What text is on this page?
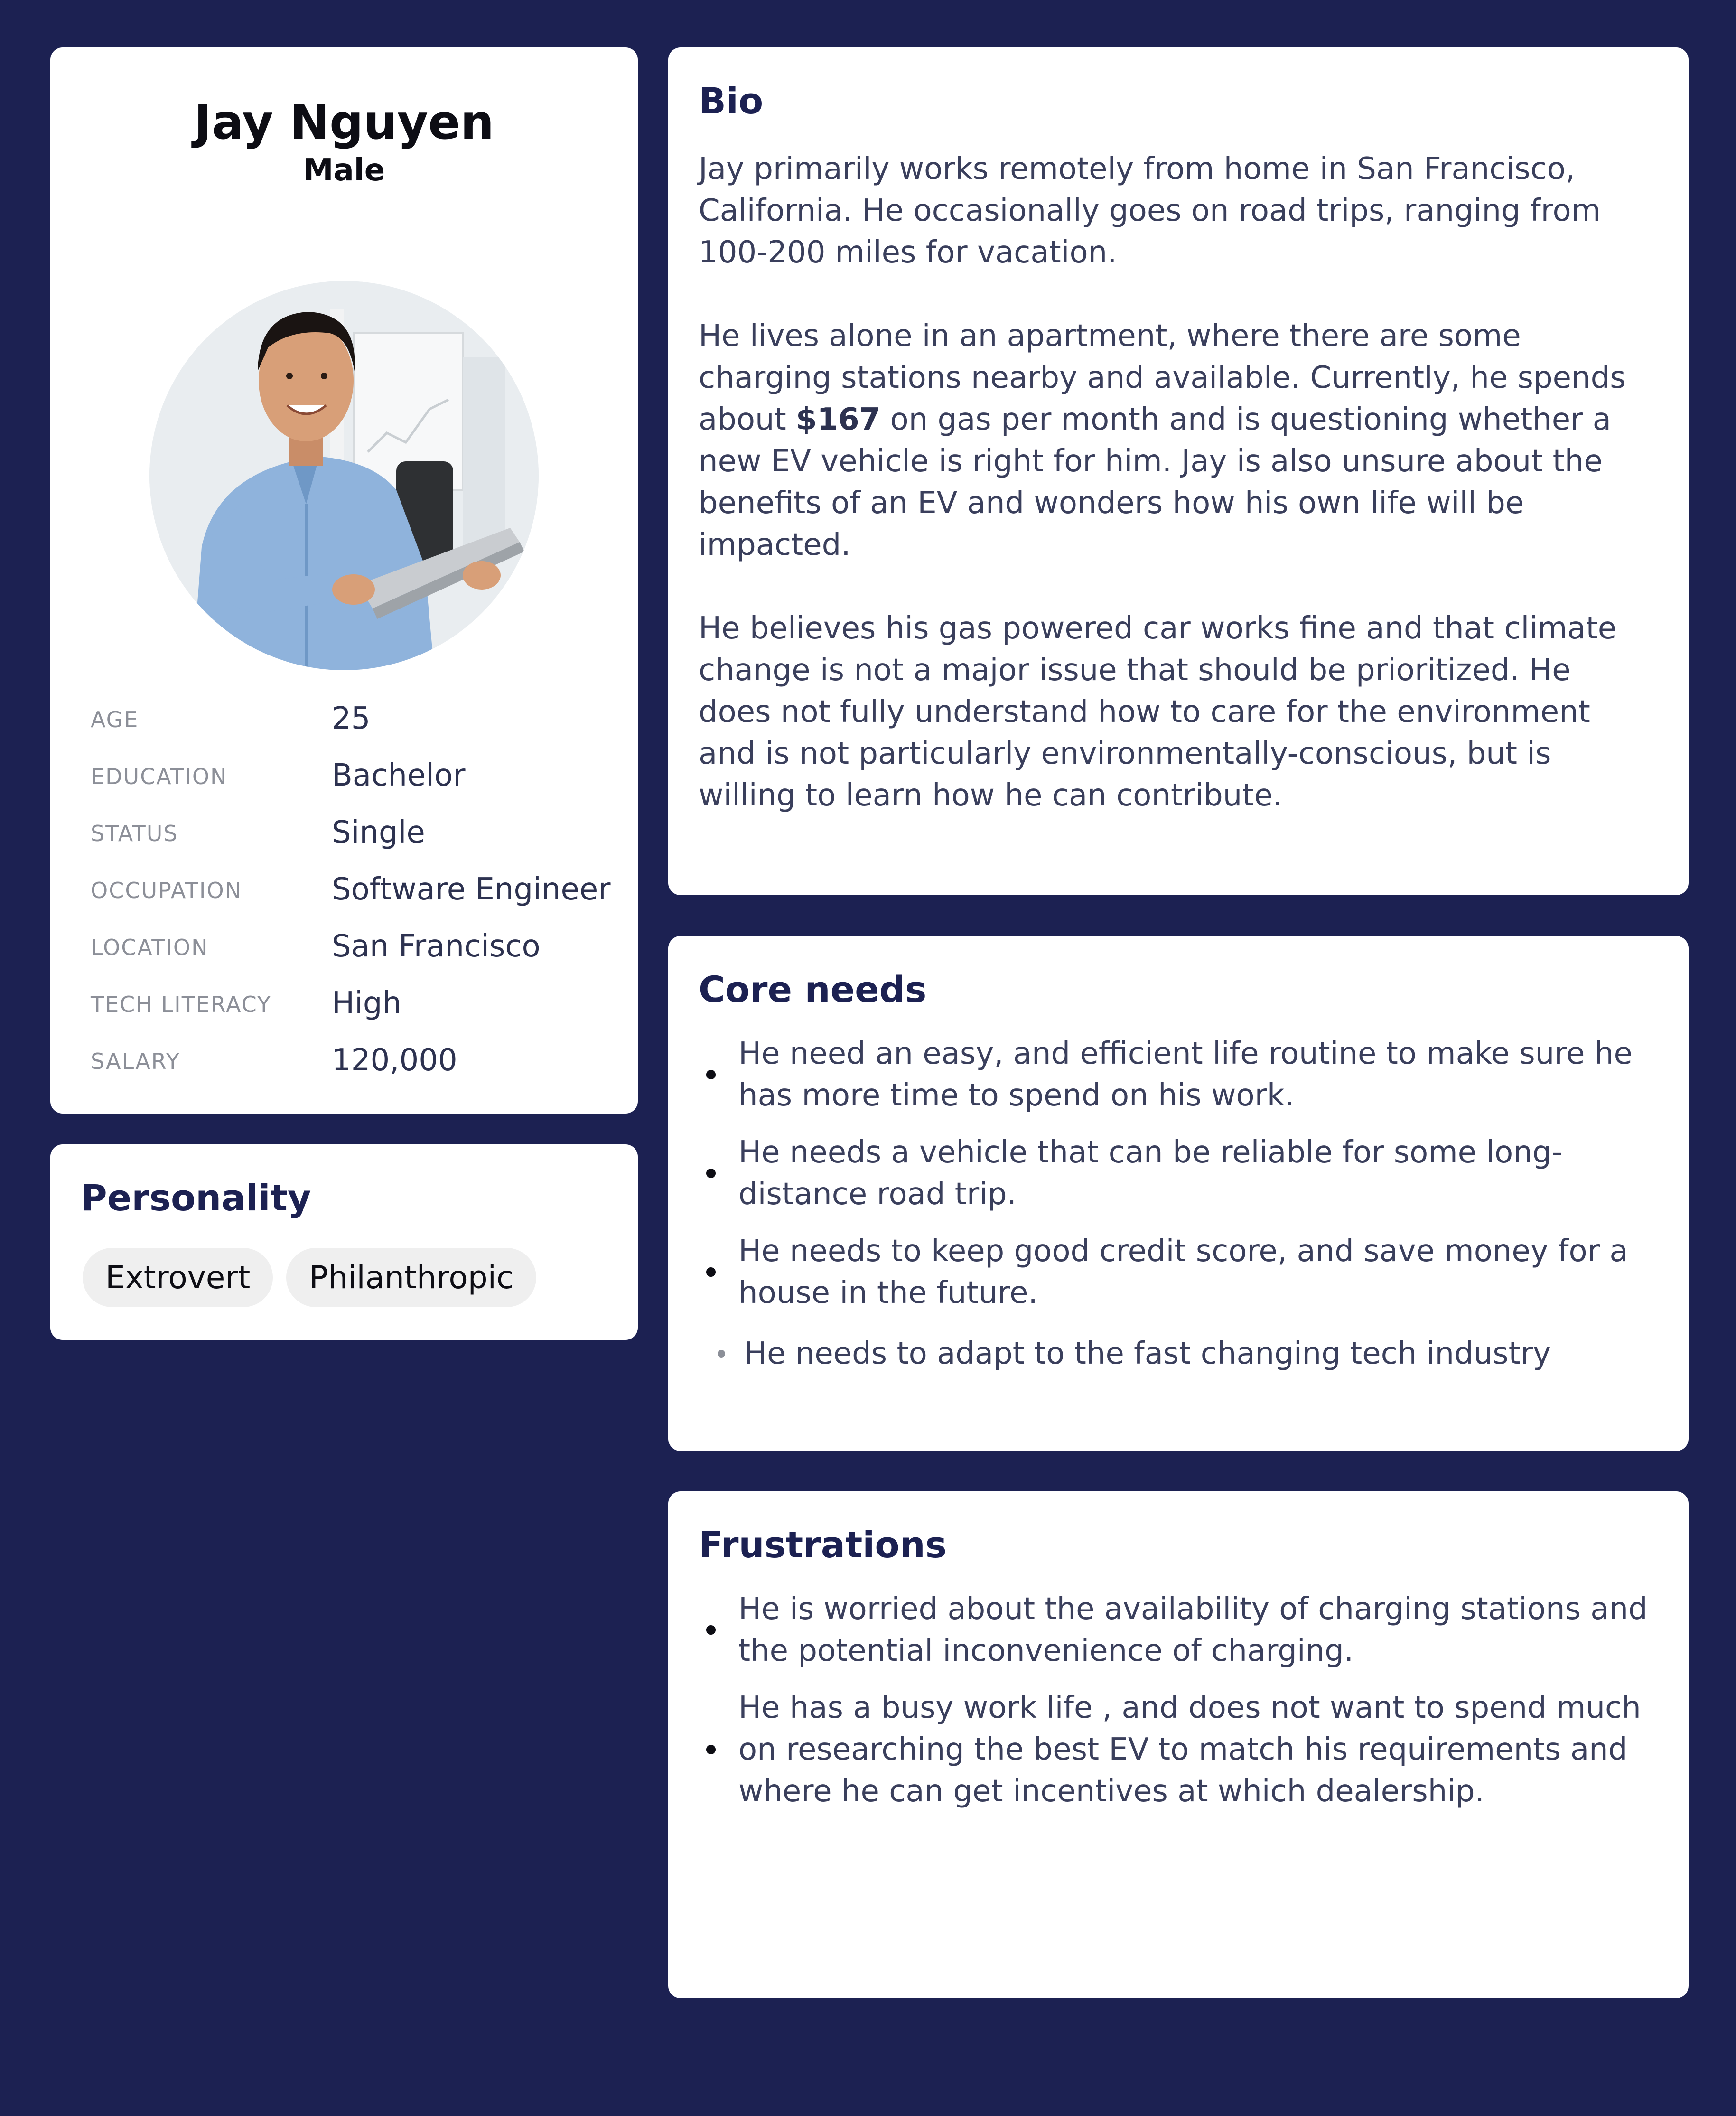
Jay Nguyen
Male
AGE	25
EDUCATION	Bachelor
STATUS	Single
OCCUPATION	Software Engineer
LOCATION	San Francisco
TECH LITERACY High
SALARY	120,000
Personality
Extrovert	Philanthropic
Bio

Jay primarily works remotely from home in San Francisco, California. He occasionally goes on road trips, ranging from 100-200 miles for vacation.

He lives alone in an apartment, where there are some charging stations nearby and available. Currently, he spends about $167 on gas per month and is questioning whether a new EV vehicle is right for him. Jay is also unsure about the benefits of an EV and wonders how his own life will be impacted.

He believes his gas powered car works fine and that climate change is not a major issue that should be prioritized. He does not fully understand how to care for the environment and is not particularly environmentally-conscious, but is willing to learn how he can contribute.

Core needs
He need an easy, and efficient life routine to make sure he has more time to spend on his work.
He needs a vehicle that can be reliable for some long-distance road trip.
He needs to keep good credit score, and save money for a house in the future.
He needs to adapt to the fast changing tech industry
Frustrations
He is worried about the availability of charging stations and the potential inconvenience of charging.
He has a busy work life , and does not want to spend much on researching the best EV to match his requirements and where he can get incentives at which dealership.
